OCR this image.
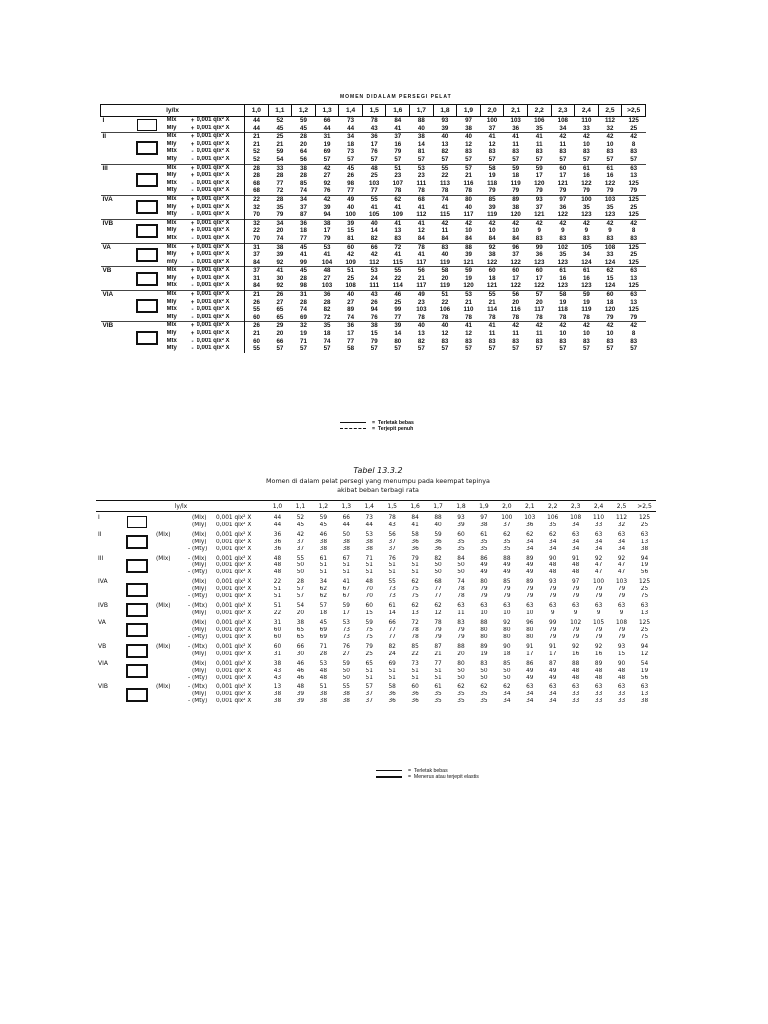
MOMEN DIDALAM PERSEGI PELAT
ly/lx					1,0	1,1	1,2	1,3	1,4	1,5	1,6	1,7	1,8	1,9	2,0	2,1	2,2	2,3	2,4	2,5	>2,5
I		Mlx	+	0,001 qlx² X	44	52	59	66	73	78	84	88	93	97	100	103	106	108	110	112	125
		Mly	+	0,001 qlx² X	44	45	45	44	44	43	41	40	39	38	37	36	35	34	33	32	25
II		Mlx	+	0,001 qlx² X	21	25	28	31	34	36	37	38	40	40	41	41	41	42	42	42	42
		Mly	+	0,001 qlx² X	21	21	20	19	18	17	16	14	13	12	12	11	11	11	10	10	8
		Mtx	-	0,001 qlx² X	52	59	64	69	73	76	79	81	82	83	83	83	83	83	83	83	83
		Mty	-	0,001 qlx² X	52	54	56	57	57	57	57	57	57	57	57	57	57	57	57	57	57
III		Mlx	+	0,001 qlx² X	28	33	38	42	45	48	51	53	55	57	58	59	59	60	61	61	63
		Mly	+	0,001 qlx² X	28	28	28	27	26	25	23	23	22	21	19	18	17	17	16	16	13
		Mtx	-	0,001 qlx² X	68	77	85	92	98	103	107	111	113	116	118	119	120	121	122	122	125
		Mty	-	0,001 qlx² X	68	72	74	76	77	77	78	78	78	78	79	79	79	79	79	79	79
IVA		Mlx	+	0,001 qlx² X	22	28	34	42	49	55	62	68	74	80	85	89	93	97	100	103	125
		Mly	+	0,001 qlx² X	32	35	37	39	40	41	41	41	41	40	39	38	37	36	35	35	25
		Mty	-	0,001 qlx² X	70	79	87	94	100	105	109	112	115	117	119	120	121	122	123	123	125
IVB		Mlx	+	0,001 qlx² X	32	34	36	38	39	40	41	41	42	42	42	42	42	42	42	42	42
		Mly	+	0,001 qlx² X	22	20	18	17	15	14	13	12	11	10	10	10	9	9	9	9	8
		Mtx	-	0,001 qlx² X	70	74	77	79	81	82	83	84	84	84	84	84	83	83	83	83	83
VA		Mlx	+	0,001 qlx² X	31	38	45	53	60	66	72	78	83	88	92	96	99	102	105	108	125
		Mly	+	0,001 qlx² X	37	39	41	41	42	42	41	41	40	39	38	37	36	35	34	33	25
		mty	-	0,001 qlx² X	84	92	99	104	109	112	115	117	119	121	122	122	123	123	124	124	125
VB		Mlx	+	0,001 qlx² X	37	41	45	48	51	53	55	56	58	59	60	60	60	61	61	62	63
		Mly	+	0,001 qlx² X	31	30	28	27	25	24	22	21	20	19	18	17	17	16	16	15	13
		Mtx	-	0,001 qlx² X	84	92	98	103	108	111	114	117	119	120	121	122	122	123	123	124	125
VIA		Mlx	+	0,001 qlx² X	21	26	31	36	40	43	46	49	51	53	55	56	57	58	59	60	63
		Mly	+	0,001 qlx² X	26	27	28	28	27	26	25	23	22	21	21	20	20	19	19	18	13
		Mtx	-	0,001 qlx² X	55	65	74	82	89	94	99	103	106	110	114	116	117	118	119	120	125
		Mty	-	0,001 qlx² X	60	65	69	72	74	76	77	78	78	78	78	78	78	78	78	79	79
VIB		Mlx	+	0,001 qlx² X	26	29	32	35	36	38	39	40	40	41	41	42	42	42	42	42	42
		Mly	+	0,001 qlx² X	21	20	19	18	17	15	14	13	12	12	11	11	11	10	10	10	8
		Mtx	-	0,001 qlx² X	60	66	71	74	77	79	80	82	83	83	83	83	83	83	83	83	83
		Mty	-	0,001 qlx² X	55	57	57	57	58	57	57	57	57	57	57	57	57	57	57	57	57
= Terletak bebas
= Terjepit penuh
Tabel 13.3.2
Momen di dalam pelat persegi yang menumpu pada keempat tepinya
akibat beban terbagi rata
ly/lx						1,0	1,1	1,2	1,3	1,4	1,5	1,6	1,7	1,8	1,9	2,0	2,1	2,2	2,3	2,4	2,5	>2,5
I				(Mlx)	0,001 qlx² X	44	52	59	66	73	78	84	88	93	97	100	103	106	108	110	112	125
				(Mly)	0,001 qlx² X	44	45	45	44	44	43	41	40	39	38	37	36	35	34	33	32	25
II		(Mlx)		(Mlx)	0,001 qlx² X	36	42	46	50	53	56	58	59	60	61	62	62	62	63	63	63	63
				(Mly)	0,001 qlx² X	36	37	38	38	38	37	36	36	35	35	35	34	34	34	34	34	13
			-	(Mty)	0,001 qlx² X	36	37	38	38	38	37	36	36	35	35	35	34	34	34	34	34	38
III		(Mlx)	-	(Mlx)	0,001 qlx² X	48	55	61	67	71	76	79	82	84	86	88	89	90	91	92	92	94
				(Mly)	0,001 qlx² X	48	50	51	51	51	51	51	50	50	49	49	49	48	48	47	47	19
			-	(Mty)	0,001 qlx² X	48	50	51	51	51	51	51	50	50	49	49	49	48	48	47	47	56
IVA				(Mlx)	0,001 qlx² X	22	28	34	41	48	55	62	68	74	80	85	89	93	97	100	103	125
				(Mly)	0,001 qlx² X	51	57	62	67	70	73	75	77	78	79	79	79	79	79	79	79	25
			-	(Mty)	0,001 qlx² X	51	57	62	67	70	73	75	77	78	79	79	79	79	79	79	79	75
IVB		(Mlx)	-	(Mtx)	0,001 qlx² X	51	54	57	59	60	61	62	62	63	63	63	63	63	63	63	63	63
				(Mly)	0,001 qlx² X	22	20	18	17	15	14	13	12	11	10	10	10	9	9	9	9	13
VA				(Mlx)	0,001 qlx² X	31	38	45	53	59	66	72	78	83	88	92	96	99	102	105	108	125
				(Mly)	0,001 qlx² X	60	65	69	73	75	77	78	79	79	80	80	80	79	79	79	79	25
			-	(Mty)	0,001 qlx² X	60	65	69	73	75	77	78	79	79	80	80	80	79	79	79	79	75
VB		(Mlx)	-	(Mtx)	0,001 qlx² X	60	66	71	76	79	82	85	87	88	89	90	91	91	92	92	93	94
				(Mly)	0,001 qlx² X	31	30	28	27	25	24	22	21	20	19	18	17	17	16	16	15	12
VIA				(Mlx)	0,001 qlx² X	38	46	53	59	65	69	73	77	80	83	85	86	87	88	89	90	54
				(Mly)	0,001 qlx² X	43	46	48	50	51	51	51	51	50	50	50	49	49	48	48	48	19
			-	(Mty)	0,001 qlx² X	43	46	48	50	51	51	51	51	50	50	50	49	49	48	48	48	56
VIB		(Mlx)	-	(Mtx)	0,001 qlx² X	13	48	51	55	57	58	60	61	62	62	62	63	63	63	63	63	63
				(Mly)	0,001 qlx² X	38	39	38	38	37	36	36	35	35	35	34	34	34	33	33	33	13
			-	(Mty)	0,001 qlx² X	38	39	38	38	37	36	36	35	35	35	34	34	34	33	33	33	38
= Terletak bebas
= Menerus atau terjepit elastis
